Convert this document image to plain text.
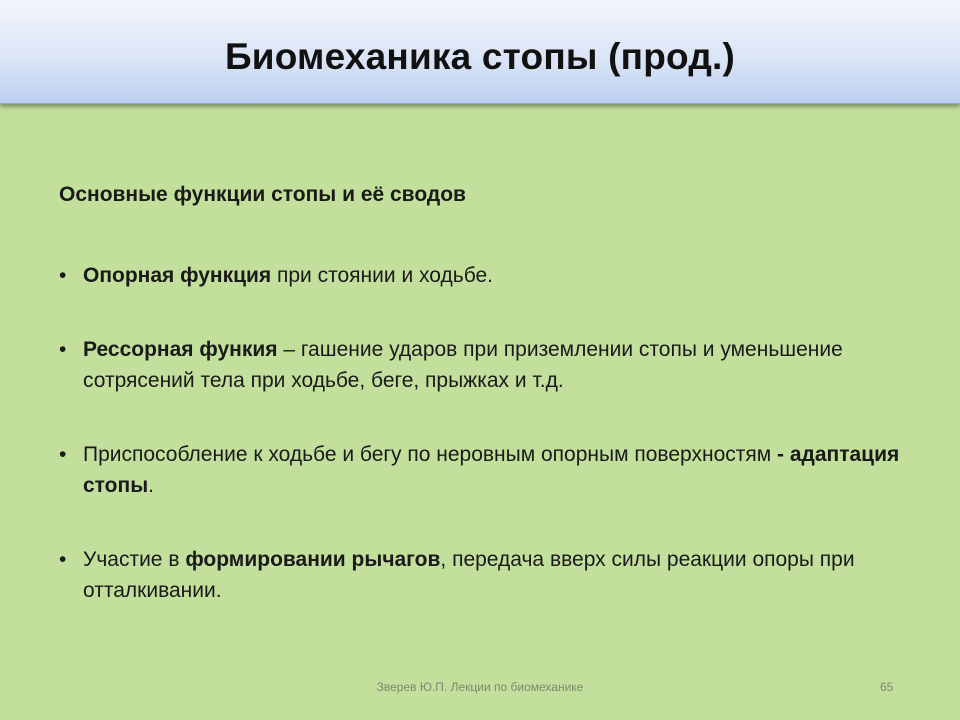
Биомеханика стопы (прод.)
Основные функции стопы и её сводов
• Опорная функция при стоянии и ходьбе.
• Рессорная функия – гашение ударов при приземлении стопы и уменьшение сотрясений тела при ходьбе, беге, прыжках и т.д.
• Приспособление к ходьбе и бегу по неровным опорным поверхностям - адаптация стопы.
• Участие в формировании рычагов, передача вверх силы реакции опоры при отталкивании.
Зверев Ю.П. Лекции по биомеханике	65
